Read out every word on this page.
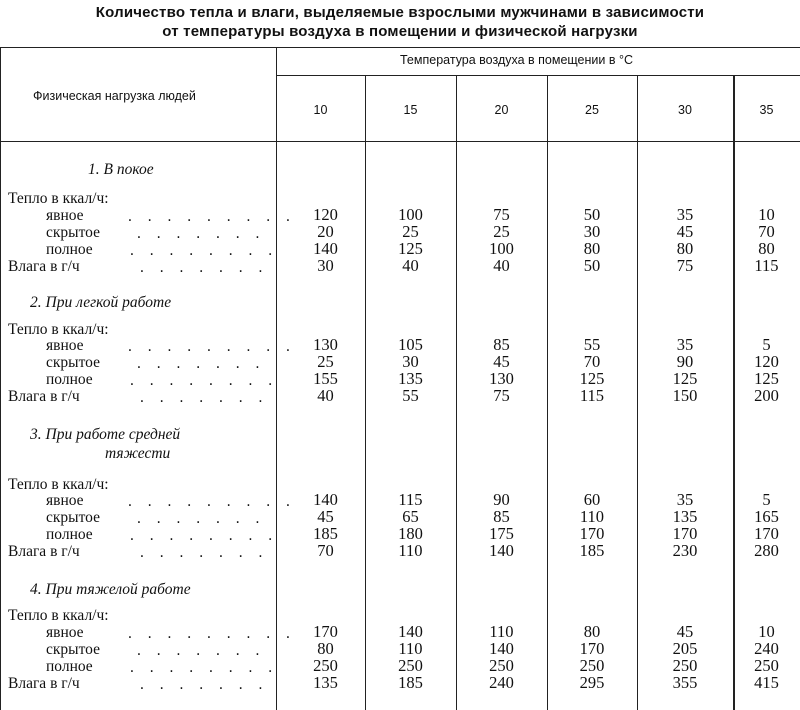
Количество тепла и влаги, выделяемые взрослыми мужчинами в зависимости
от температуры воздуха в помещении и физической нагрузки
Физическая нагрузка людей
Температура воздуха в помещении в °С
10	15	20	25	30	35
1. В покое
Тепло в ккал/ч:
явное	. . . . . . . . .	120	100	75	50	35	10
скрытое . . . . . . .	20	25	25	30	45	70
полное . . . . . . . .	140	125	100	80	80	80
Влага в г/ч	. . . . . . .	30	40	40	50	75	115
2. При легкой работе
Тепло в ккал/ч:
явное	. . . . . . . . .	130	105	85	55	35	5
скрытое . . . . . . .	25	30	45	70	90	120
полное . . . . . . . .	155	135	130	125	125	125
Влага в г/ч	. . . . . . .	40	55	75	115	150	200
3. При работе средней
тяжести
Тепло в ккал/ч:
явное	. . . . . . . . .	140	115	90	60	35	5
скрытое . . . . . . .	45	65	85	110	135	165
полное . . . . . . . .	185	180	175	170	170	170
Влага в г/ч	. . . . . . .	70	110	140	185	230	280
4. При тяжелой работе
Тепло в ккал/ч:
явное	. . . . . . . . .	170	140	110	80	45	10
скрытое . . . . . . .	80	110	140	170	205	240
полное . . . . . . . .	250	250	250	250	250	250
Влага в г/ч	. . . . . . .	135	185	240	295	355	415
